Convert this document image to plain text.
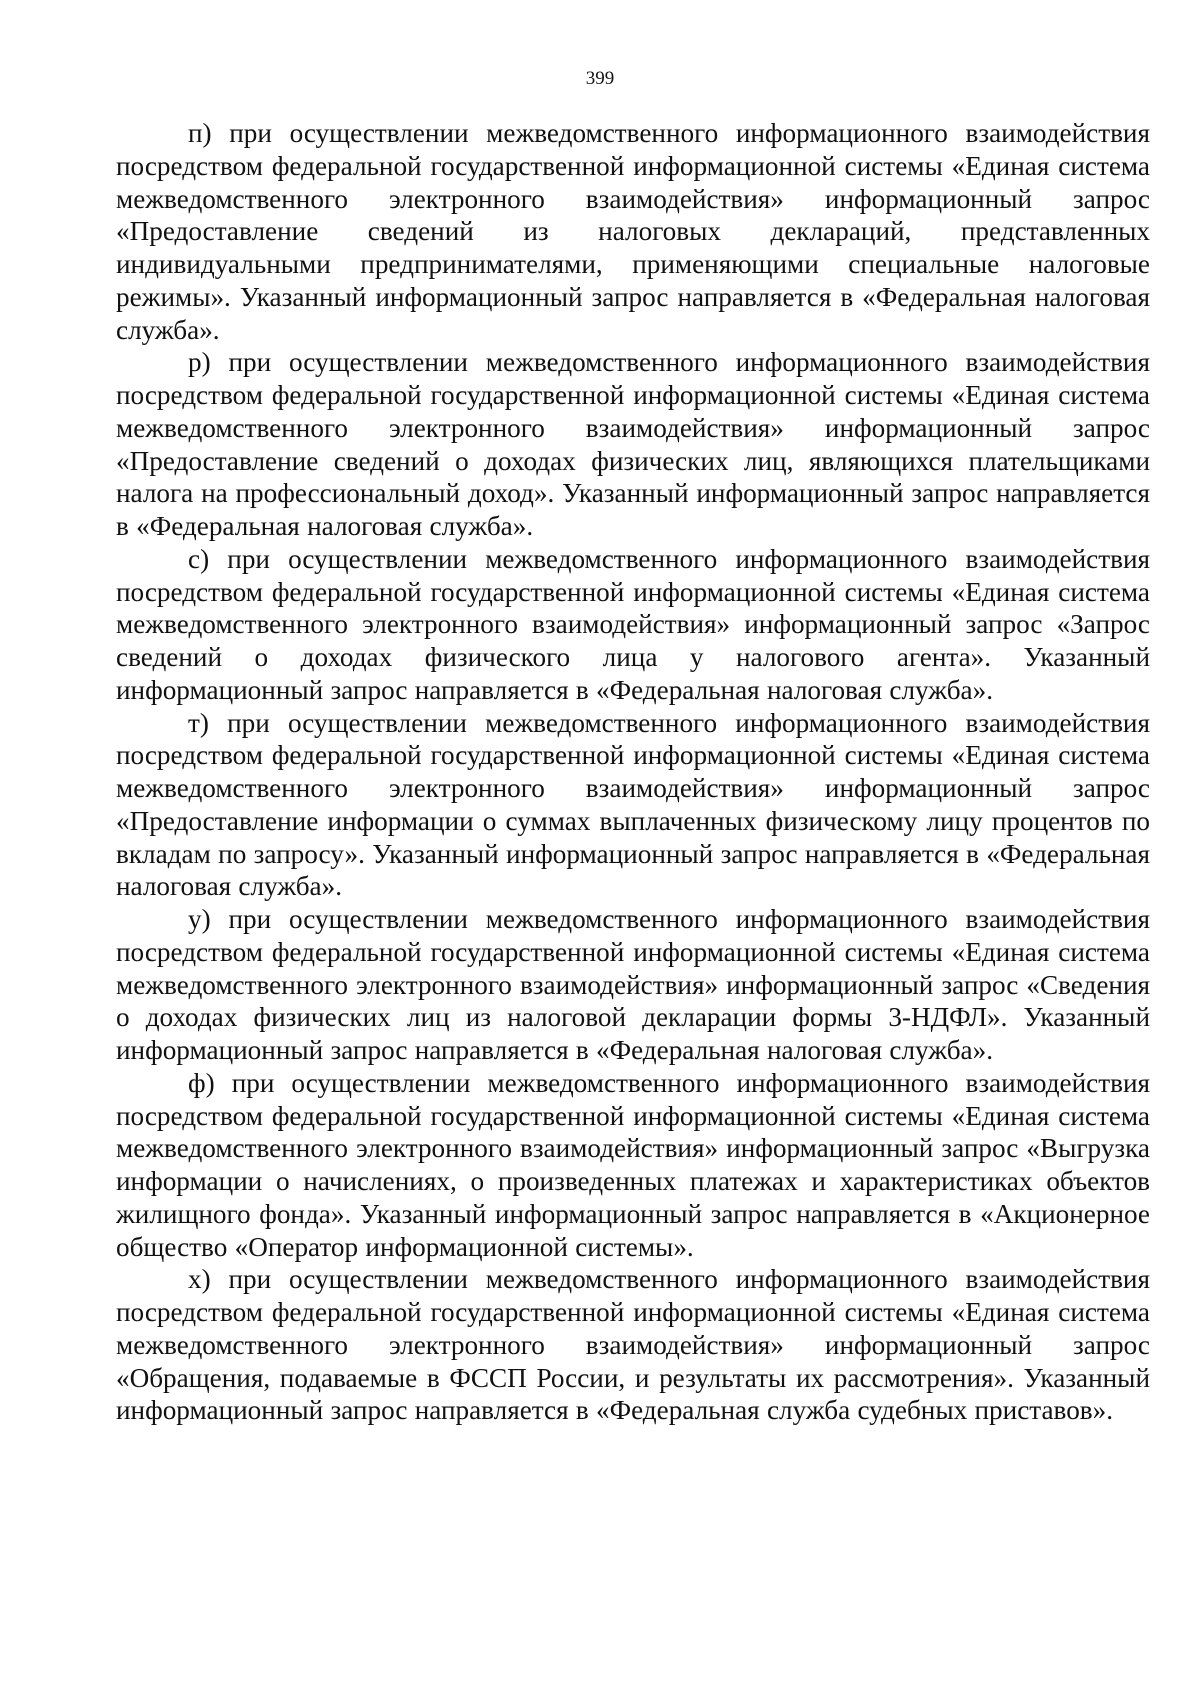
399

п) при осуществлении межведомственного информационного взаимодействия посредством федеральной государственной информационной системы «Единая система межведомственного электронного взаимодействия» информационный запрос «Предоставление сведений из налоговых деклараций, представленных индивидуальными предпринимателями, применяющими специальные налоговые режимы». Указанный информационный запрос направляется в «Федеральная налоговая служба».

р) при осуществлении межведомственного информационного взаимодействия посредством федеральной государственной информационной системы «Единая система межведомственного электронного взаимодействия» информационный запрос «Предоставление сведений о доходах физических лиц, являющихся плательщиками налога на профессиональный доход». Указанный информационный запрос направляется в «Федеральная налоговая служба».

с) при осуществлении межведомственного информационного взаимодействия посредством федеральной государственной информационной системы «Единая система межведомственного электронного взаимодействия» информационный запрос «Запрос сведений о доходах физического лица у налогового агента». Указанный информационный запрос направляется в «Федеральная налоговая служба».

т) при осуществлении межведомственного информационного взаимодействия посредством федеральной государственной информационной системы «Единая система межведомственного электронного взаимодействия» информационный запрос «Предоставление информации о суммах выплаченных физическому лицу процентов по вкладам по запросу». Указанный информационный запрос направляется в «Федеральная налоговая служба».

у) при осуществлении межведомственного информационного взаимодействия посредством федеральной государственной информационной системы «Единая система межведомственного электронного взаимодействия» информационный запрос «Сведения о доходах физических лиц из налоговой декларации формы 3-НДФЛ». Указанный информационный запрос направляется в «Федеральная налоговая служба».

ф) при осуществлении межведомственного информационного взаимодействия посредством федеральной государственной информационной системы «Единая система межведомственного электронного взаимодействия» информационный запрос «Выгрузка информации о начислениях, о произведенных платежах и характеристиках объектов жилищного фонда». Указанный информационный запрос направляется в «Акционерное общество «Оператор информационной системы».

х) при осуществлении межведомственного информационного взаимодействия посредством федеральной государственной информационной системы «Единая система межведомственного электронного взаимодействия» информационный запрос «Обращения, подаваемые в ФССП России, и результаты их рассмотрения». Указанный информационный запрос направляется в «Федеральная служба судебных приставов».
